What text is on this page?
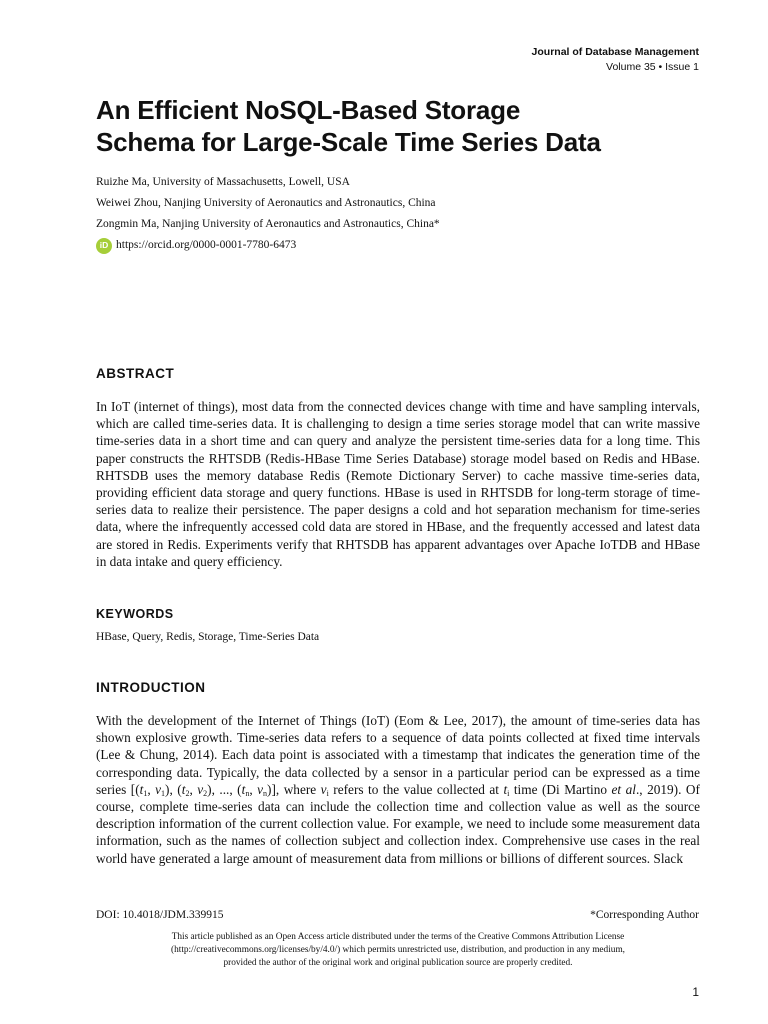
Journal of Database Management
Volume 35 • Issue 1
An Efficient NoSQL-Based Storage
Schema for Large-Scale Time Series Data
Ruizhe Ma, University of Massachusetts, Lowell, USA
Weiwei Zhou, Nanjing University of Aeronautics and Astronautics, China
Zongmin Ma, Nanjing University of Aeronautics and Astronautics, China*
iD https://orcid.org/0000-0001-7780-6473
ABSTRACT

In IoT (internet of things), most data from the connected devices change with time and have sampling intervals, which are called time-series data. It is challenging to design a time series storage model that can write massive time-series data in a short time and can query and analyze the persistent time-series data for a long time. This paper constructs the RHTSDB (Redis-HBase Time Series Database) storage model based on Redis and HBase. RHTSDB uses the memory database Redis (Remote Dictionary Server) to cache massive time-series data, providing efficient data storage and query functions. HBase is used in RHTSDB for long-term storage of time-series data to realize their persistence. The paper designs a cold and hot separation mechanism for time-series data, where the infrequently accessed cold data are stored in HBase, and the frequently accessed and latest data are stored in Redis. Experiments verify that RHTSDB has apparent advantages over Apache IoTDB and HBase in data intake and query efficiency.

KEYWORDS

HBase, Query, Redis, Storage, Time-Series Data

INTRODUCTION

With the development of the Internet of Things (IoT) (Eom & Lee, 2017), the amount of time-series data has shown explosive growth. Time-series data refers to a sequence of data points collected at fixed time intervals (Lee & Chung, 2014). Each data point is associated with a timestamp that indicates the generation time of the corresponding data. Typically, the data collected by a sensor in a particular period can be expressed as a time series [($t_1$, $v_1$), ($t_2$, $v_2$), ..., ($t_n$, $v_n$)], where $v_i$ refers to the value collected at $t_i$ time (Di Martino et al., 2019). Of course, complete time-series data can include the collection time and collection value as well as the source description information of the current collection value. For example, we need to include some measurement data information, such as the names of collection subject and collection index. Comprehensive use cases in the real world have generated a large amount of measurement data from millions or billions of different sources. Slack

DOI: 10.4018/JDM.339915	*Corresponding Author
This article published as an Open Access article distributed under the terms of the Creative Commons Attribution License
(http://creativecommons.org/licenses/by/4.0/) which permits unrestricted use, distribution, and production in any medium,
provided the author of the original work and original publication source are properly credited.
1
